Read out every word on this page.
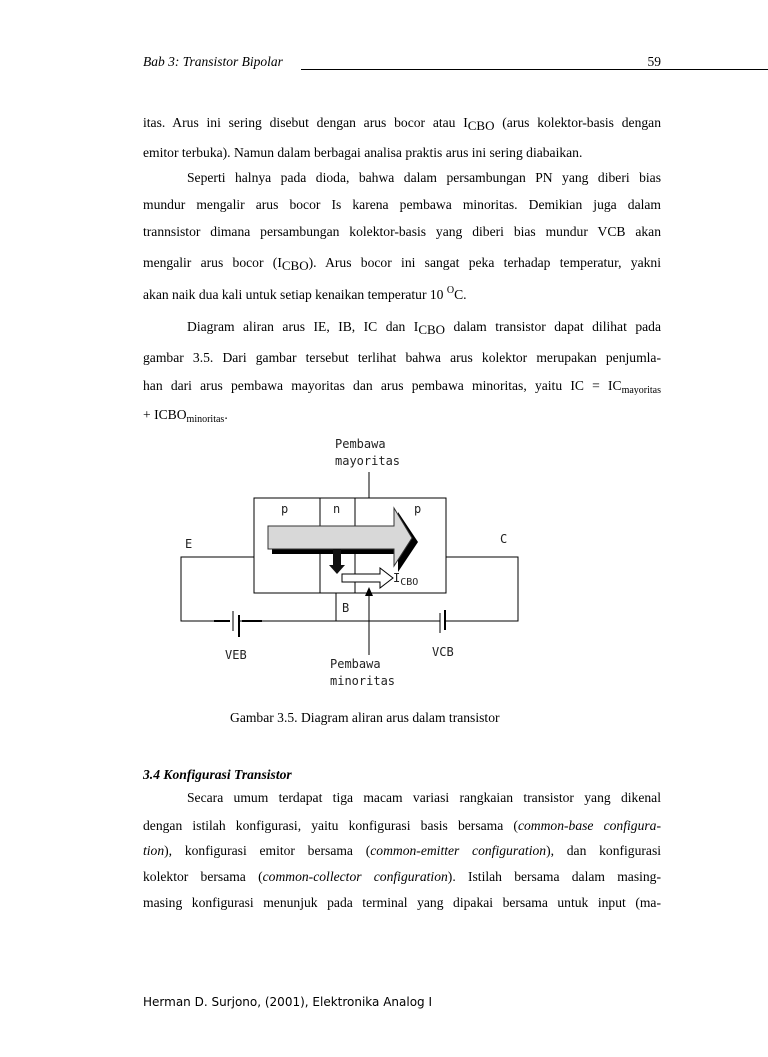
Bab 3: Transistor Bipolar	59
itas. Arus ini sering disebut dengan arus bocor atau $I_{CBO}$ (arus kolektor-basis dengan
emitor terbuka). Namun dalam berbagai analisa praktis arus ini sering diabaikan.
Seperti halnya pada dioda, bahwa dalam persambungan PN yang diberi bias
mundur mengalir arus bocor Is karena pembawa minoritas. Demikian juga dalam
trannsistor dimana persambungan kolektor-basis yang diberi bias mundur VCB akan
mengalir arus bocor $(I_{CBO})$. Arus bocor ini sangat peka terhadap temperatur, yakni
akan naik dua kali untuk setiap kenaikan temperatur 10 $^O$C.
Diagram aliran arus IE, IB, IC dan $I_{CBO}$ dalam transistor dapat dilihat pada
gambar 3.5. Dari gambar tersebut terlihat bahwa arus kolektor merupakan penjumla-
han dari arus pembawa mayoritas dan arus pembawa minoritas, yaitu IC = $IC_{mayoritas}$
+ $ICBO_{minoritas}$.
Pembawa
mayoritas
p	n	p
$I_{CBO}$
E	C
B
VEB	VCB
Pembawa
minoritas
Gambar 3.5. Diagram aliran arus dalam transistor
3.4 Konfigurasi Transistor
Secara umum terdapat tiga macam variasi rangkaian transistor yang dikenal
dengan istilah konfigurasi, yaitu konfigurasi basis bersama (common-base configura-
tion), konfigurasi emitor bersama (common-emitter configuration), dan konfigurasi
kolektor bersama (common-collector configuration). Istilah bersama dalam masing-
masing konfigurasi menunjuk pada terminal yang dipakai bersama untuk input (ma-
Herman D. Surjono, (2001), Elektronika Analog I
